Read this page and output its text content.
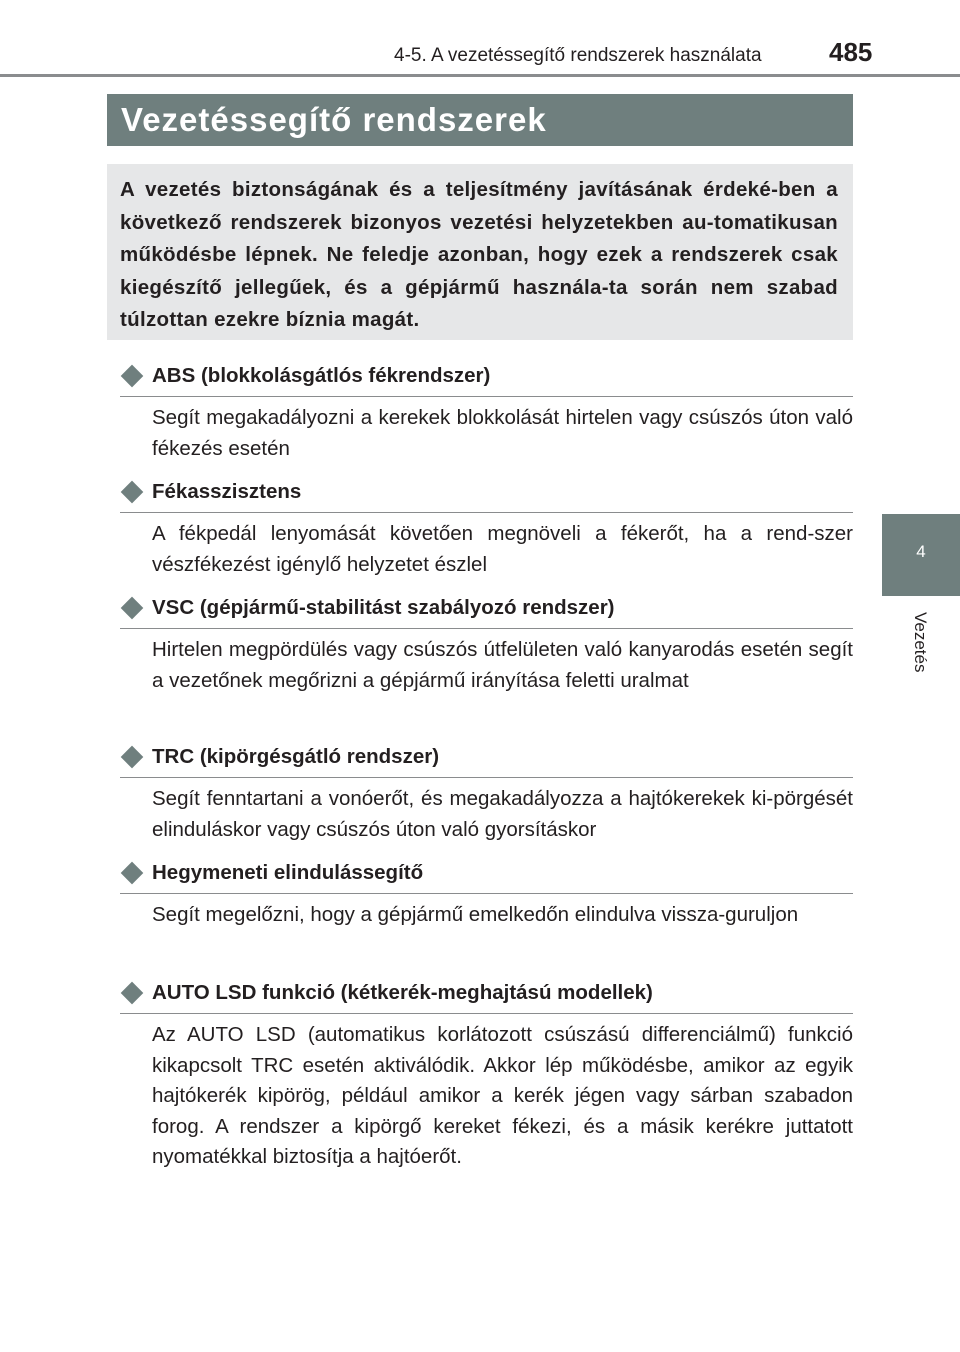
4-5. A vezetéssegítő rendszerek használata	485
4
Vezetés
Vezetéssegítő rendszerek
A vezetés biztonságának és a teljesítmény javításának érdeké-ben a következő rendszerek bizonyos vezetési helyzetekben au-tomatikusan működésbe lépnek. Ne feledje azonban, hogy ezek a rendszerek csak kiegészítő jellegűek, és a gépjármű használa-ta során nem szabad túlzottan ezekre bíznia magát.
ABS (blokkolásgátlós fékrendszer)
Segít megakadályozni a kerekek blokkolását hirtelen vagy csúszós úton való fékezés esetén
Fékasszisztens
A fékpedál lenyomását követően megnöveli a fékerőt, ha a rend-szer vészfékezést igénylő helyzetet észlel
VSC (gépjármű-stabilitást szabályozó rendszer)
Hirtelen megpördülés vagy csúszós útfelületen való kanyarodás esetén segít a vezetőnek megőrizni a gépjármű irányítása feletti uralmat
TRC (kipörgésgátló rendszer)
Segít fenntartani a vonóerőt, és megakadályozza a hajtókerekek ki-pörgését elinduláskor vagy csúszós úton való gyorsításkor
Hegymeneti elindulássegítő
Segít megelőzni, hogy a gépjármű emelkedőn elindulva vissza-guruljon
AUTO LSD funkció (kétkerék-meghajtású modellek)
Az AUTO LSD (automatikus korlátozott csúszású differenciálmű) funkció kikapcsolt TRC esetén aktiválódik. Akkor lép működésbe, amikor az egyik hajtókerék kipörög, például amikor a kerék jégen vagy sárban szabadon forog. A rendszer a kipörgő kereket fékezi, és a másik kerékre juttatott nyomatékkal biztosítja a hajtóerőt.
